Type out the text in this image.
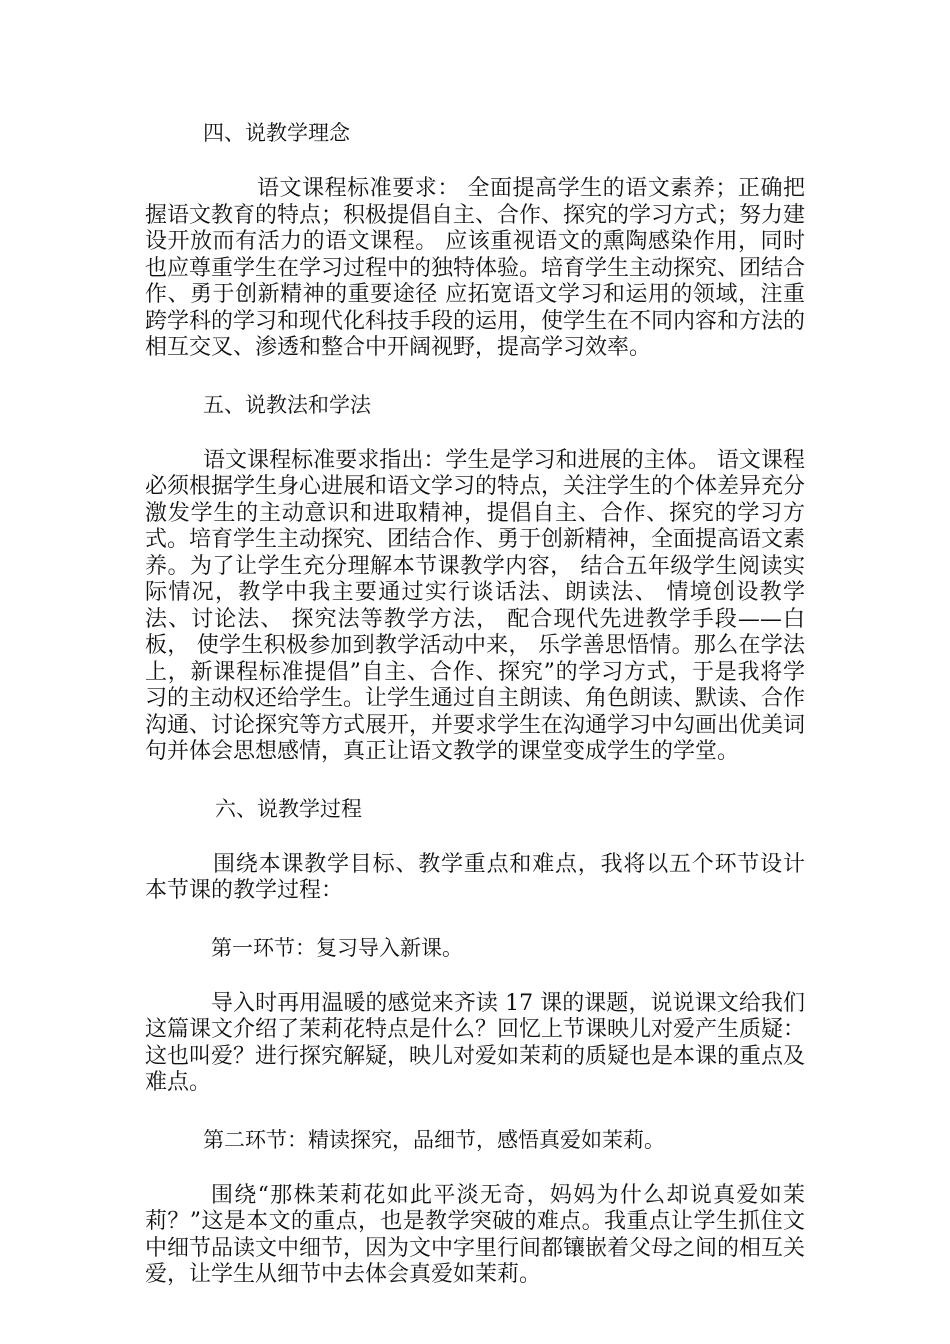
四、说教学理念

语文课程标准要求： 全面提高学生的语文素养；正确把握语文教育的特点；积极提倡自主、合作、探究的学习方式；努力建设开放而有活力的语文课程。 应该重视语文的熏陶感染作用，同时也应尊重学生在学习过程中的独特体验。培育学生主动探究、团结合作、勇于创新精神的重要途径 应拓宽语文学习和运用的领域，注重跨学科的学习和现代化科技手段的运用，使学生在不同内容和方法的相互交叉、渗透和整合中开阔视野，提高学习效率。

五、说教法和学法

语文课程标准要求指出：学生是学习和进展的主体。 语文课程必须根据学生身心进展和语文学习的特点，关注学生的个体差异充分激发学生的主动意识和进取精神，提倡自主、合作、探究的学习方式。培育学生主动探究、团结合作、勇于创新精神，全面提高语文素养。为了让学生充分理解本节课教学内容， 结合五年级学生阅读实际情况，教学中我主要通过实行谈话法、朗读法、 情境创设教学法、讨论法、 探究法等教学方法， 配合现代先进教学手段——白板， 使学生积极参加到教学活动中来， 乐学善思悟情。那么在学法上，新课程标准提倡”自主、合作、探究”的学习方式，于是我将学习的主动权还给学生。让学生通过自主朗读、角色朗读、默读、合作沟通、讨论探究等方式展开，并要求学生在沟通学习中勾画出优美词句并体会思想感情，真正让语文教学的课堂变成学生的学堂。

六、说教学过程

围绕本课教学目标、教学重点和难点，我将以五个环节设计本节课的教学过程：

第一环节：复习导入新课。

导入时再用温暖的感觉来齐读 17 课的课题，说说课文给我们这篇课文介绍了茉莉花特点是什么？回忆上节课映儿对爱产生质疑：这也叫爱？进行探究解疑，映儿对爱如茉莉的质疑也是本课的重点及难点。

第二环节：精读探究，品细节，感悟真爱如茉莉。

围绕“那株茉莉花如此平淡无奇，妈妈为什么却说真爱如茉莉？”这是本文的重点，也是教学突破的难点。我重点让学生抓住文中细节品读文中细节，因为文中字里行间都镶嵌着父母之间的相互关爱，让学生从细节中去体会真爱如茉莉。
